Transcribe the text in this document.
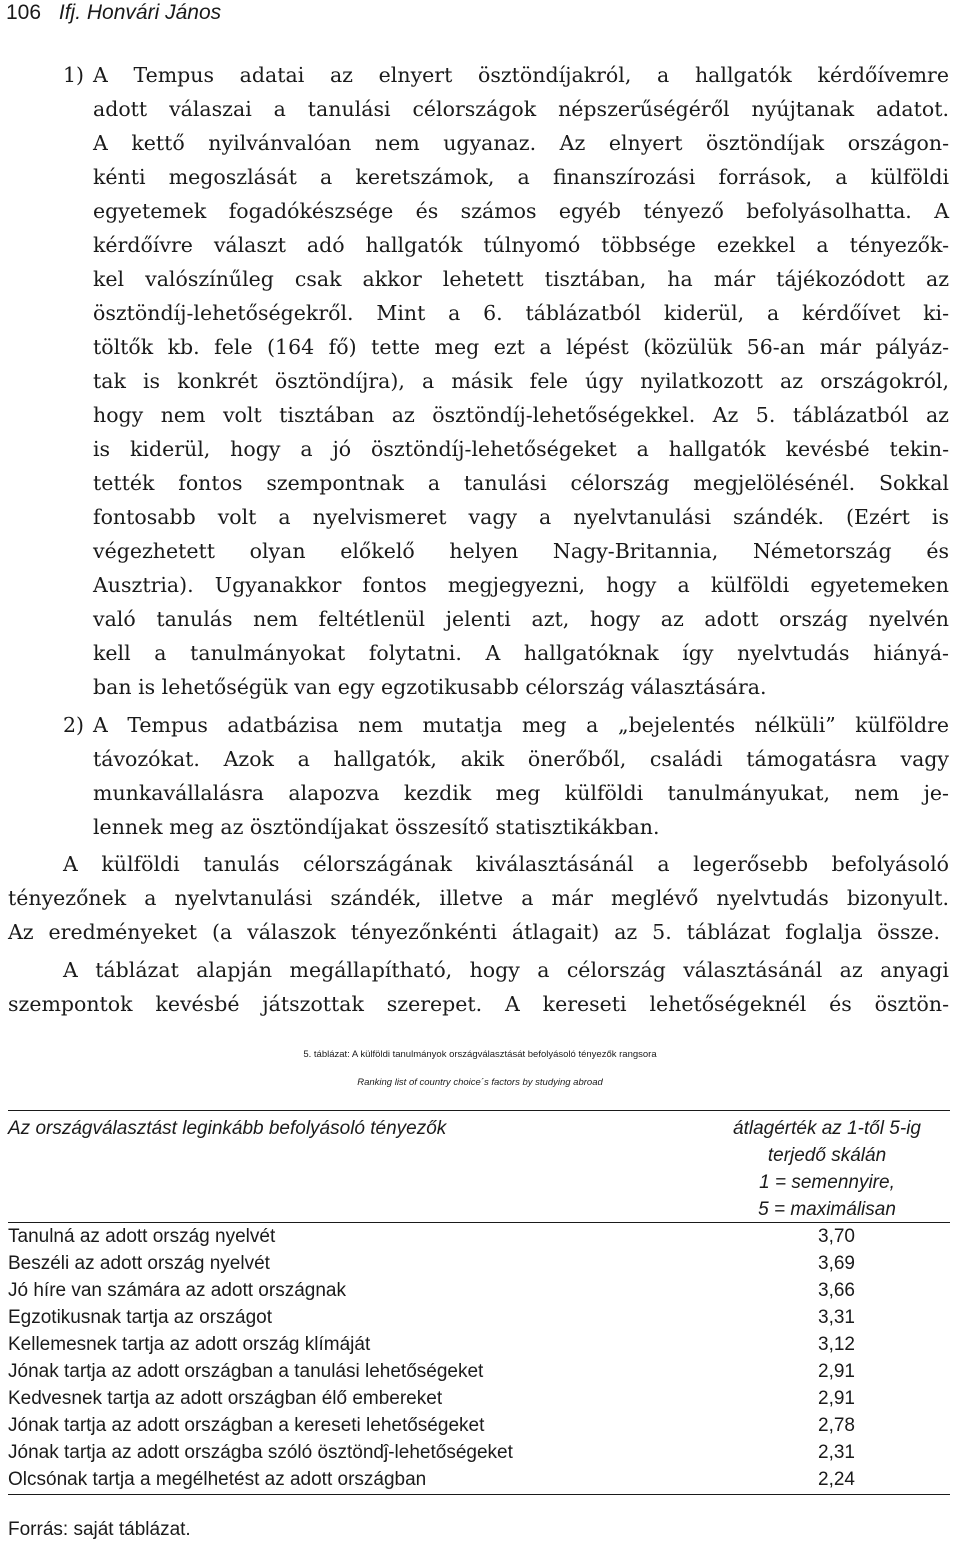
106 Ifj. Honvári János
1) A Tempus adatai az elnyert ösztöndíjakról, a hallgatók kérdőívemre
adott válaszai a tanulási célországok népszerűségéről nyújtanak adatot.
A kettő nyilvánvalóan nem ugyanaz. Az elnyert ösztöndíjak országon-
kénti megoszlását a keretszámok, a finanszírozási források, a külföldi
egyetemek fogadókészsége és számos egyéb tényező befolyásolhatta. A
kérdőívre választ adó hallgatók túlnyomó többsége ezekkel a tényezők-
kel valószínűleg csak akkor lehetett tisztában, ha már tájékozódott az
ösztöndíj-lehetőségekről. Mint a 6. táblázatból kiderül, a kérdőívet ki-
töltők kb. fele (164 fő) tette meg ezt a lépést (közülük 56-an már pályáz-
tak is konkrét ösztöndíjra), a másik fele úgy nyilatkozott az országokról,
hogy nem volt tisztában az ösztöndíj-lehetőségekkel. Az 5. táblázatból az
is kiderül, hogy a jó ösztöndíj-lehetőségeket a hallgatók kevésbé tekin-
tették fontos szempontnak a tanulási célország megjelölésénél. Sokkal
fontosabb volt a nyelvismeret vagy a nyelvtanulási szándék. (Ezért is
végezhetett olyan előkelő helyen Nagy-Britannia, Németország és
Ausztria). Ugyanakkor fontos megjegyezni, hogy a külföldi egyetemeken
való tanulás nem feltétlenül jelenti azt, hogy az adott ország nyelvén
kell a tanulmányokat folytatni. A hallgatóknak így nyelvtudás hiányá-
ban is lehetőségük van egy egzotikusabb célország választására.
2) A Tempus adatbázisa nem mutatja meg a „bejelentés nélküli” külföldre
távozókat. Azok a hallgatók, akik önerőből, családi támogatásra vagy
munkavállalásra alapozva kezdik meg külföldi tanulmányukat, nem je-
lennek meg az ösztöndíjakat összesítő statisztikákban.
A külföldi tanulás célországának kiválasztásánál a legerősebb befolyásoló
tényezőnek a nyelvtanulási szándék, illetve a már meglévő nyelvtudás bizonyult.
Az eredményeket (a válaszok tényezőnkénti átlagait) az 5. táblázat foglalja össze.
A táblázat alapján megállapítható, hogy a célország választásánál az anyagi
szempontok kevésbé játszottak szerepet. A kereseti lehetőségeknél és ösztön-
5. táblázat: A külföldi tanulmányok országválasztását befolyásoló tényezők rangsora
Ranking list of country choice´s factors by studying abroad
Az országválasztást leginkább befolyásoló tényezők	átlagérték az 1-től 5-ig
terjedő skálán
1 = semennyire,
5 = maximálisan
Tanulná az adott ország nyelvét	3,70
Beszéli az adott ország nyelvét	3,69
Jó híre van számára az adott országnak	3,66
Egzotikusnak tartja az országot	3,31
Kellemesnek tartja az adott ország klímáját	3,12
Jónak tartja az adott országban a tanulási lehetőségeket	2,91
Kedvesnek tartja az adott országban élő embereket	2,91
Jónak tartja az adott országban a kereseti lehetőségeket	2,78
Jónak tartja az adott országba szóló ösztöndĵ-lehetőségeket	2,31
Olcsónak tartja a megélhetést az adott országban	2,24
Forrás: saját táblázat.
